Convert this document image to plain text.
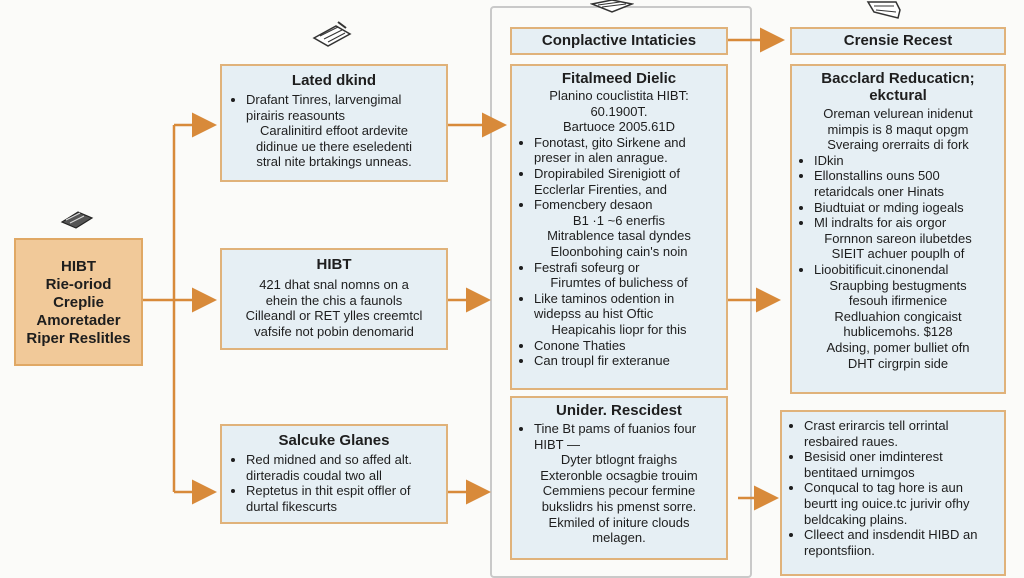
HIBT
Rie-oriod
Creplie
Amoretader
Riper Reslitles
Lated dkind
• Drafant Tinres, larvengimal pirairis reasounts
Caralinitird effoot ardevite
didinue ue there eseledenti
stral nite brtakings unneas.
HIBT
421 dhat snal nomns on a
ehein the chis a faunols
Cilleandl or RET ylles creemtcl
vafsife not pobin denomarid
Salcuke Glanes
• Red midned and so affed alt. dirteradis coudal two all
• Reptetus in thit espit offler of durtal fikescurts
Conplactive Intaticies
Fitalmeed Dielic
Planino couclistita HIBT:
60.1900T.
Bartuoce 2005.61D
• Fonotast, gito Sirkene and preser in alen anrague.
• Dropirabiled Sirenigiott of Ecclerlar Firenties, and
• Fomencbery desaon
B1 ·1 ~6 enerfis
Mitrablence tasal dyndes
Eloonbohing cain's noin
• Festrafi sofeurg or
Firumtes of bulichess of
• Like taminos odention in widepss au hist Oftic
Heapicahis liopr for this
• Conone Thaties
• Can troupl fir exteranue
Unider. Rescidest
• Tine Bt pams of fuanios four HIBT —
Dyter btlognt fraighs
Exteronble ocsagbie trouim
Cemmiens pecour fermine
bukslidrs his pmenst sorre.
Ekmiled of initure clouds
melagen.
Crensie Recest
Bacclard Reducaticn; ekctural
Oreman velurean inidenut
mimpis is 8 maqut opgm
Sveraing orerraits di fork
• IDkin
• Ellonstallins ouns 500 retaridcals oner Hinats
• Biudtuiat or mding iogeals
• Ml indralts for ais orgor
Fornnon sareon ilubetdes
SIEIT achuer pouplh of
• Lioobitificuit.cinonendal
Sraupbing bestugments
fesouh ifirmenice
Redluahion congicaist
hublicemohs. $128
Adsing, pomer bulliet ofn
DHT cirgrpin side
• Crast erirarcis tell orrintal resbaired raues.
• Besisid oner imdinterest bentitaed urnimgos
• Conqucal to tag hore is aun beurtt ing ouice.tc jurivir ofhy beldcaking plains.
• Clleect and insdendit HIBD an repontsfiion.
